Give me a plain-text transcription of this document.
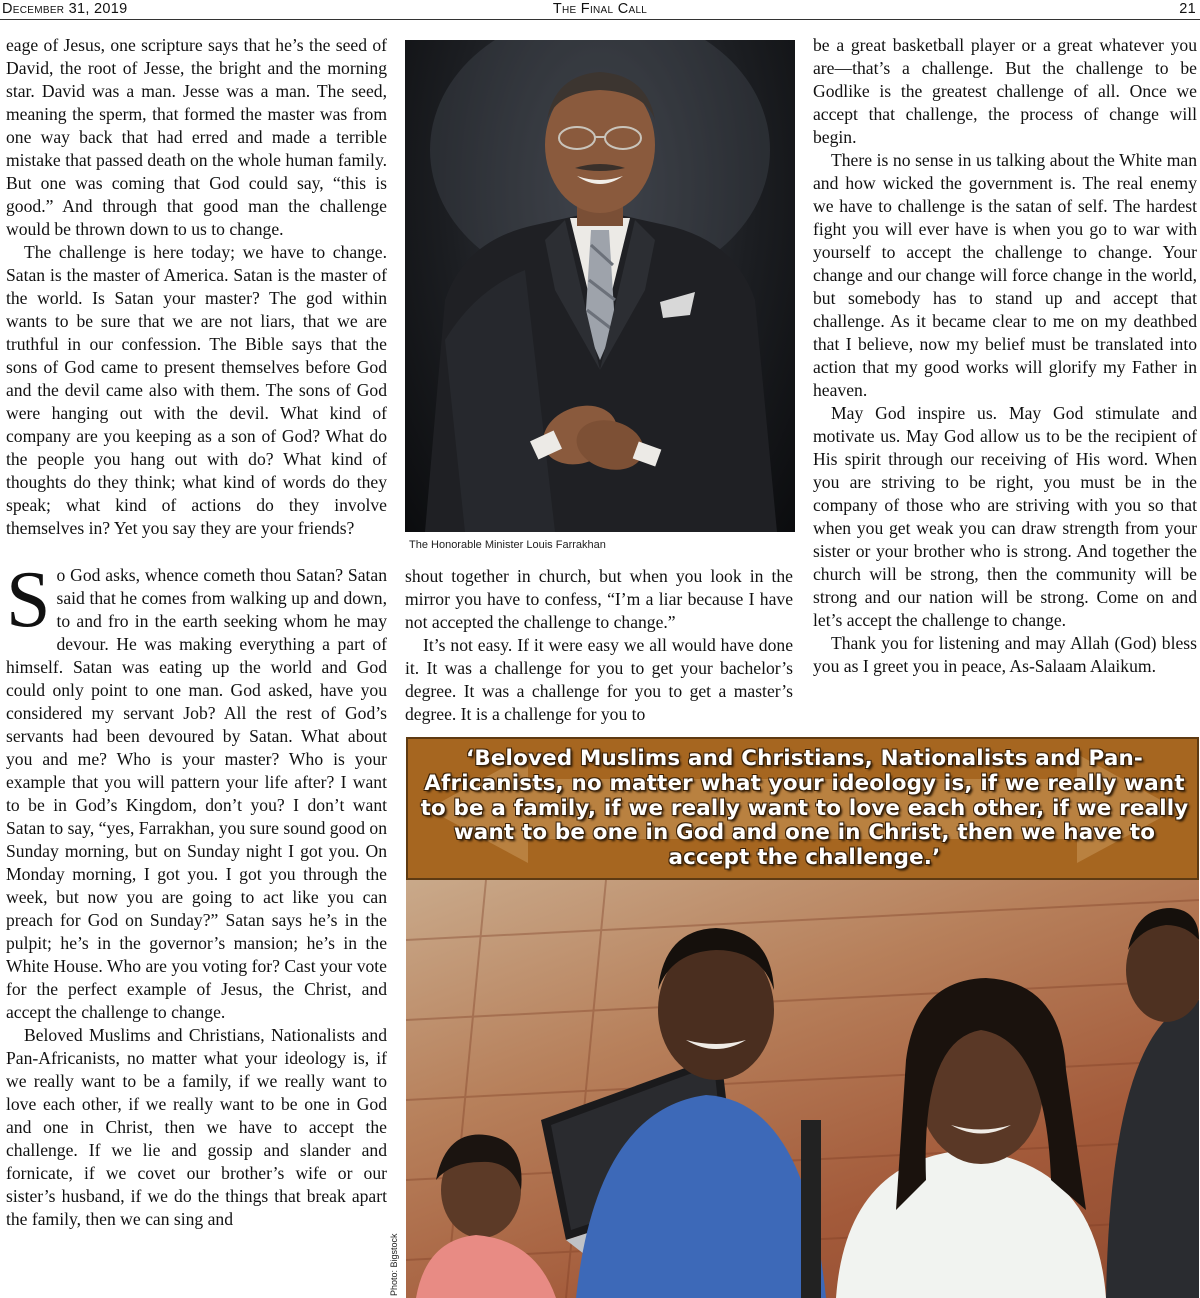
December 31, 2019	The Final Call	21

eage of Jesus, one scripture says that he’s the seed of David, the root of Jesse, the bright and the morning star. David was a man. Jesse was a man. The seed, meaning the sperm, that formed the master was from one way back that had erred and made a terrible mistake that passed death on the whole human family. But one was coming that God could say, “this is good.” And through that good man the challenge would be thrown down to us to change.

The challenge is here today; we have to change. Satan is the master of America. Satan is the master of the world. Is Satan your master? The god within wants to be sure that we are not liars, that we are truthful in our confession. The Bible says that the sons of God came to present themselves before God and the devil came also with them. The sons of God were hanging out with the devil. What kind of company are you keeping as a son of God? What do the people you hang out with do? What kind of thoughts do they think; what kind of words do they speak; what kind of actions do they involve themselves in? Yet you say they are your friends?

So God asks, whence cometh thou Satan? Satan said that he comes from walking up and down, to and fro in the earth seeking whom he may devour. He was making everything a part of himself. Satan was eating up the world and God could only point to one man. God asked, have you considered my servant Job? All the rest of God’s servants had been devoured by Satan. What about you and me? Who is your master? Who is your example that you will pattern your life after? I want to be in God’s Kingdom, don’t you? I don’t want Satan to say, “yes, Farrakhan, you sure sound good on Sunday morning, but on Sunday night I got you. On Monday morning, I got you. I got you through the week, but now you are going to act like you can preach for God on Sunday?” Satan says he’s in the pulpit; he’s in the governor’s mansion; he’s in the White House. Who are you voting for? Cast your vote for the perfect example of Jesus, the Christ, and accept the challenge to change.

Beloved Muslims and Christians, Nationalists and Pan-Africanists, no matter what your ideology is, if we really want to be a family, if we really want to love each other, if we really want to be one in God and one in Christ, then we have to accept the challenge. If we lie and gossip and slander and fornicate, if we covet our brother’s wife or our sister’s husband, if we do the things that break apart the family, then we can sing and

The Honorable Minister Louis Farrakhan

shout together in church, but when you look in the mirror you have to confess, “I’m a liar because I have not accepted the challenge to change.”

It’s not easy. If it were easy we all would have done it. It was a challenge for you to get your bachelor’s degree. It was a challenge for you to get a master’s degree. It is a challenge for you to

be a great basketball player or a great whatever you are—that’s a challenge. But the challenge to be Godlike is the greatest challenge of all. Once we accept that challenge, the process of change will begin.

There is no sense in us talking about the White man and how wicked the government is. The real enemy we have to challenge is the satan of self. The hardest fight you will ever have is when you go to war with yourself to accept the challenge to change. Your change and our change will force change in the world, but somebody has to stand up and accept that challenge. As it became clear to me on my deathbed that I believe, now my belief must be translated into action that my good works will glorify my Father in heaven.

May God inspire us. May God stimulate and motivate us. May God allow us to be the recipient of His spirit through our receiving of His word. When you are striving to be right, you must be in the company of those who are striving with you so that when you get weak you can draw strength from your sister or your brother who is strong. And together the church will be strong, then the community will be strong and our nation will be strong. Come on and let’s accept the challenge to change.

Thank you for listening and may Allah (God) bless you as I greet you in peace, As-Salaam Alaikum.

‘Beloved Muslims and Christians, Nationalists and Pan-Africanists, no matter what your ideology is, if we really want to be a family, if we really want to love each other, if we really want to be one in God and one in Christ, then we have to accept the challenge.’
Photo: Bigstock
